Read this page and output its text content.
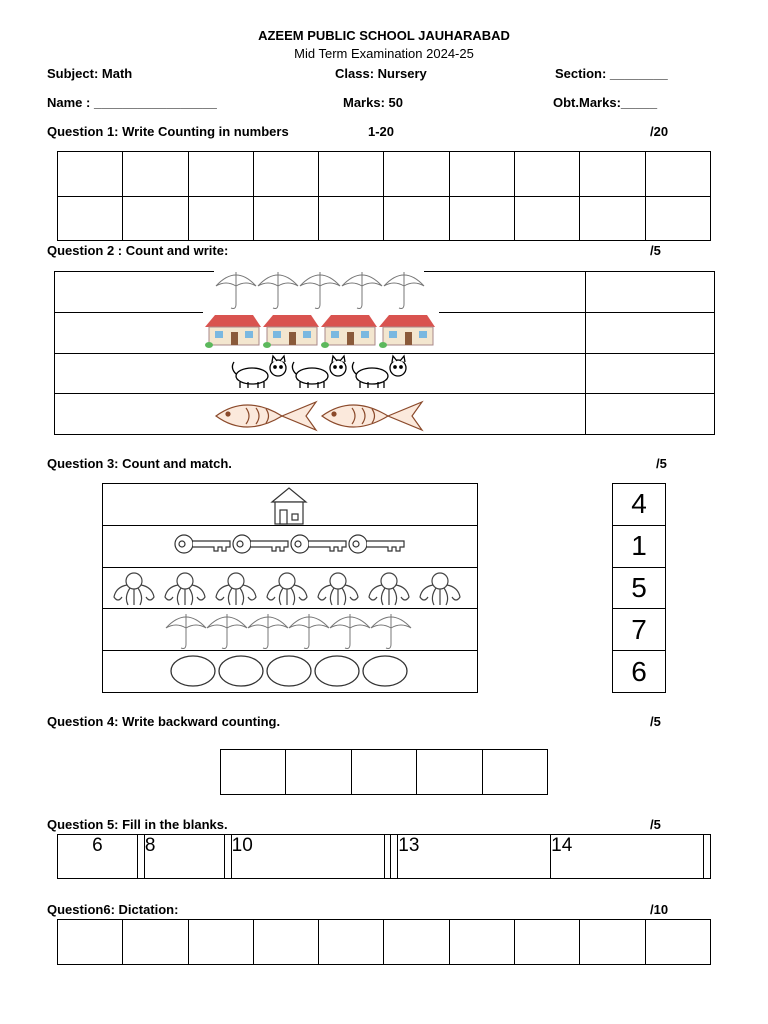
AZEEM PUBLIC SCHOOL JAUHARABAD
Mid Term Examination 2024-25
Subject: Math	Class: Nursery	Section: ________
Name : _________________	Marks: 50	Obt.Marks:_____
Question 1: Write Counting in numbers	1-20	/20

Question 2 : Count and write:	/5

Question 3: Count and match.	/5

4
1
5
7
6
Question 4: Write backward counting.	/5

Question 5: Fill in the blanks.	/5
6		8		10			13	14	
Question6: Dictation:	/10
